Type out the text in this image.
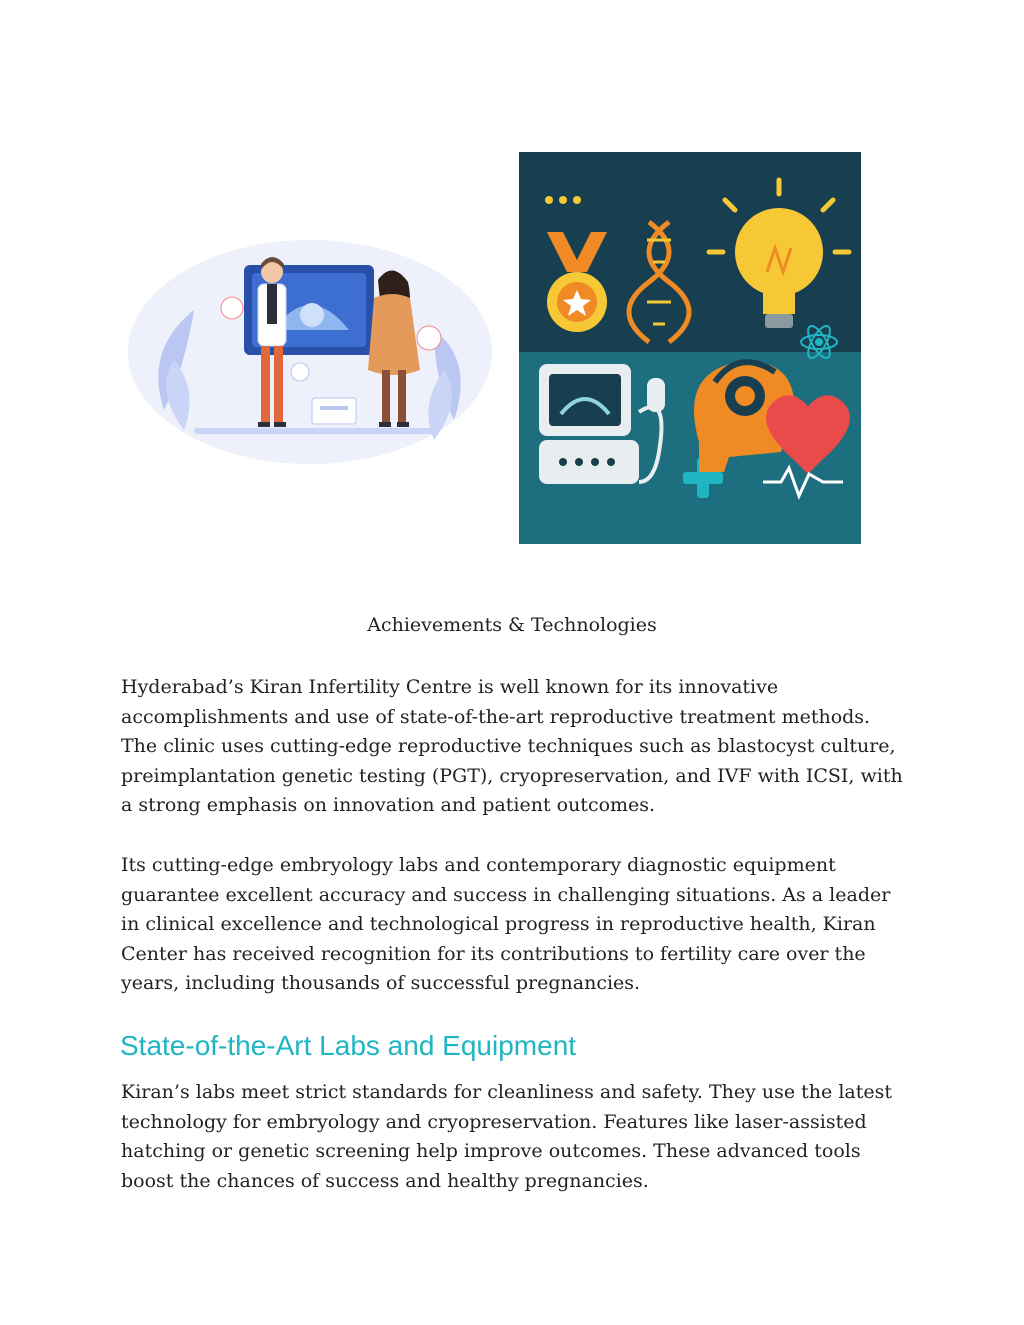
Achievements & Technologies

Hyderabad’s Kiran Infertility Centre is well known for its innovative accomplishments and use of state-of-the-art reproductive treatment methods. The clinic uses cutting-edge reproductive techniques such as blastocyst culture, preimplantation genetic testing (PGT), cryopreservation, and IVF with ICSI, with a strong emphasis on innovation and patient outcomes.

Its cutting-edge embryology labs and contemporary diagnostic equipment guarantee excellent accuracy and success in challenging situations. As a leader in clinical excellence and technological progress in reproductive health, Kiran Center has received recognition for its contributions to fertility care over the years, including thousands of successful pregnancies.

State-of-the-Art Labs and Equipment

Kiran’s labs meet strict standards for cleanliness and safety. They use the latest technology for embryology and cryopreservation. Features like laser-assisted hatching or genetic screening help improve outcomes. These advanced tools boost the chances of success and healthy pregnancies.
